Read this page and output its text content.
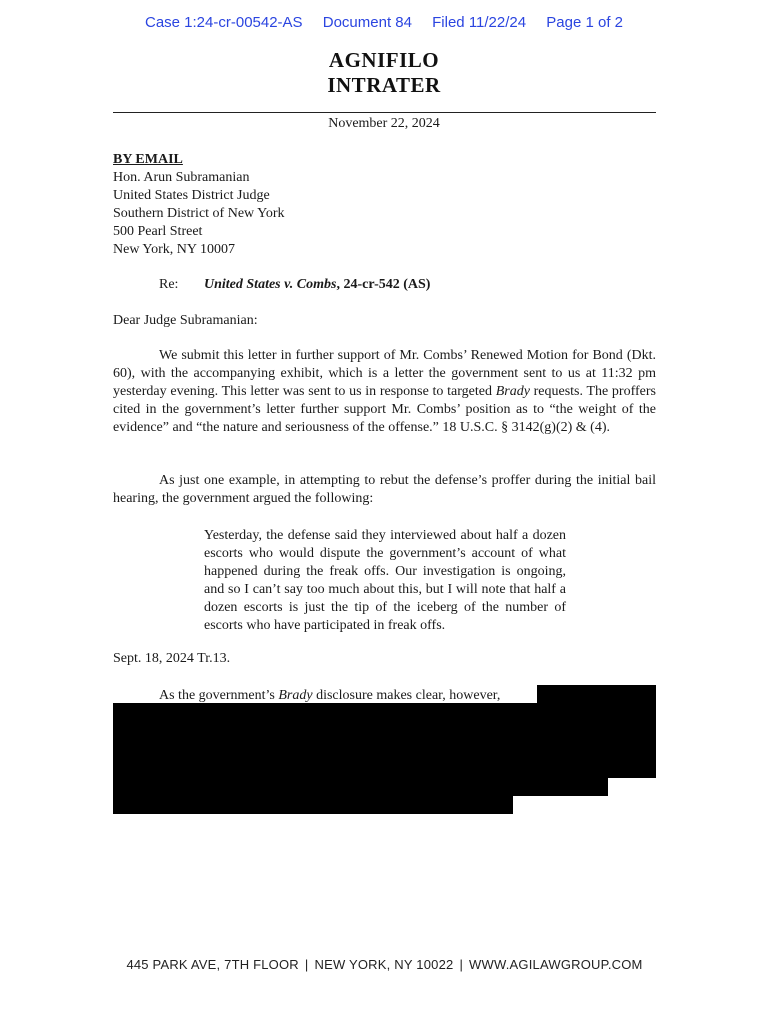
Case 1:24-cr-00542-AS Document 84 Filed 11/22/24 Page 1 of 2
AGNIFILO
INTRATER
November 22, 2024
BY EMAIL
Hon. Arun Subramanian
United States District Judge
Southern District of New York
500 Pearl Street
New York, NY 10007
Re: United States v. Combs, 24-cr-542 (AS)
Dear Judge Subramanian:
We submit this letter in further support of Mr. Combs’ Renewed Motion for Bond (Dkt. 60), with the accompanying exhibit, which is a letter the government sent to us at 11:32 pm yesterday evening. This letter was sent to us in response to targeted Brady requests. The proffers cited in the government’s letter further support Mr. Combs’ position as to “the weight of the evidence” and “the nature and seriousness of the offense.” 18 U.S.C. § 3142(g)(2) & (4).
As just one example, in attempting to rebut the defense’s proffer during the initial bail hearing, the government argued the following:
Yesterday, the defense said they interviewed about half a dozen escorts who would dispute the government’s account of what happened during the freak offs. Our investigation is ongoing, and so I can’t say too much about this, but I will note that half a dozen escorts is just the tip of the iceberg of the number of escorts who have participated in freak offs.
Sept. 18, 2024 Tr.13.
As the government’s Brady disclosure makes clear, however,
445 PARK AVE, 7TH FLOOR | NEW YORK, NY 10022 | WWW.AGILAWGROUP.COM
